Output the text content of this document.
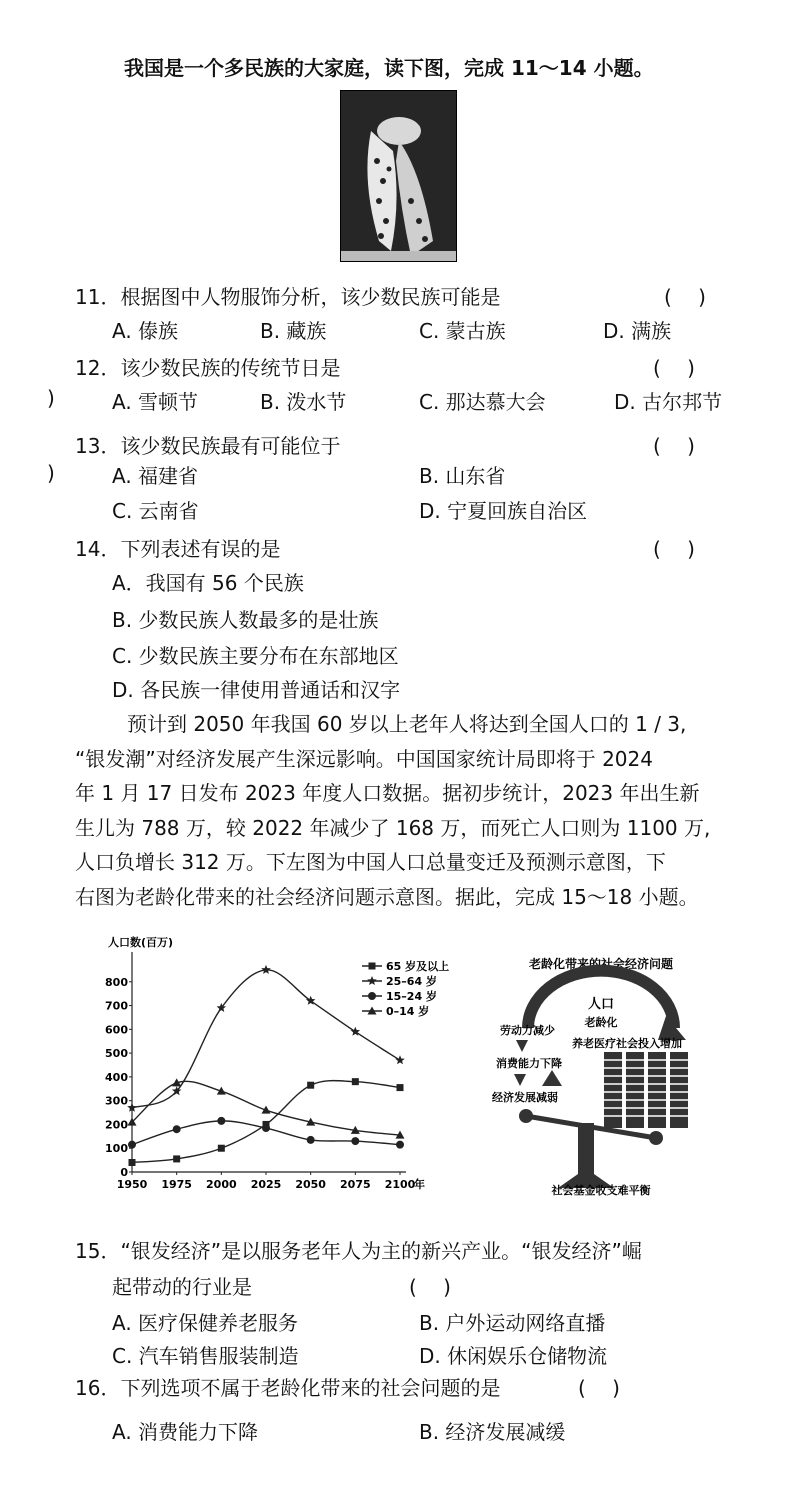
我国是一个多民族的大家庭，读下图，完成 11～14 小题。
11．根据图中人物服饰分析，该少数民族可能是	(　 )
A. 傣族	B. 藏族	C. 蒙古族	D. 满族
12．该少数民族的传统节日是	(　 )
)	A. 雪顿节	B. 泼水节	C. 那达慕大会	D. 古尔邦节
13．该少数民族最有可能位于	(　 )
)	A. 福建省	B. 山东省
C. 云南省	D. 宁夏回族自治区
14．下列表述有误的是	(　 )
A．我国有 56 个民族
B. 少数民族人数最多的是壮族
C. 少数民族主要分布在东部地区
D. 各民族一律使用普通话和汉字
预计到 2050 年我国 60 岁以上老年人将达到全国人口的 1 / 3,
“银发潮”对经济发展产生深远影响。中国国家统计局即将于 2024
年 1 月 17 日发布 2023 年度人口数据。据初步统计，2023 年出生新
生儿为 788 万，较 2022 年减少了 168 万，而死亡人口则为 1100 万,
人口负增长 312 万。下左图为中国人口总量变迁及预测示意图，下
右图为老龄化带来的社会经济问题示意图。据此，完成 15～18 小题。
人口数(百万)
0
100
200
300
400
500
600
700
800
1950 1975 2000 2025 2050 2075 2100
年
65 岁及以上
25–64 岁
15–24 岁
0–14 岁
老龄化带来的社会经济问题
人口
老龄化
劳动力减少
消费能力下降
经济发展减弱
养老医疗社会投入增加
社会基金收支难平衡
15．“银发经济”是以服务老年人为主的新兴产业。“银发经济”崛
起带动的行业是	(　 )
A. 医疗保健养老服务	B. 户外运动网络直播
C. 汽车销售服装制造	D. 休闲娱乐仓储物流
16．下列选项不属于老龄化带来的社会问题的是	(　 )
A. 消费能力下降	B. 经济发展减缓
